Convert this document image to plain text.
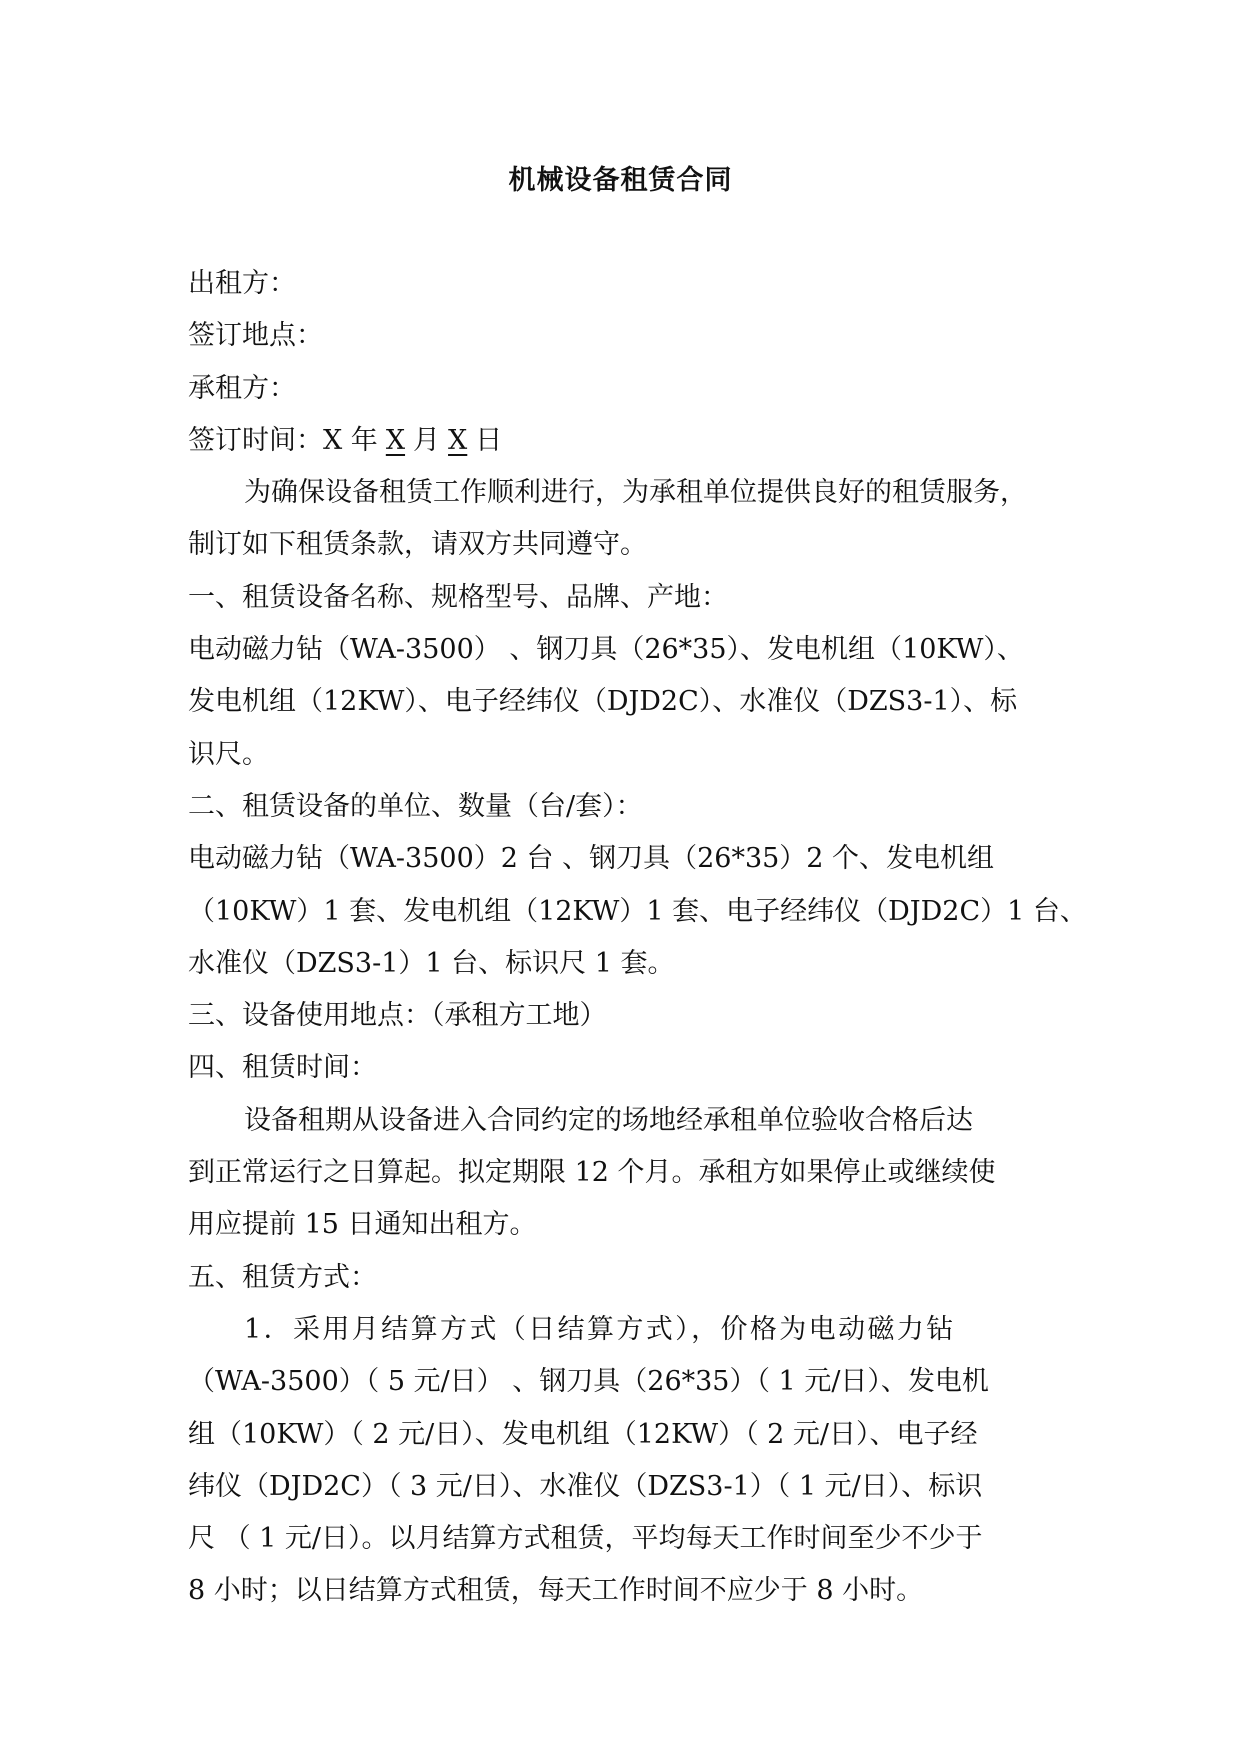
机械设备租赁合同
出租方：
签订地点：
承租方：
签订时间：X 年 X 月 X 日
为确保设备租赁工作顺利进行，为承租单位提供良好的租赁服务，
制订如下租赁条款，请双方共同遵守。
一、租赁设备名称、规格型号、品牌、产地：
电动磁力钻（WA-3500） 、钢刀具（26*35）、发电机组（10KW）、
发电机组（12KW）、电子经纬仪（DJD2C）、水准仪（DZS3-1）、标
识尺。
二、租赁设备的单位、数量（台/套）：
电动磁力钻（WA-3500）2 台 、钢刀具（26*35）2 个、发电机组
（10KW）1 套、发电机组（12KW）1 套、电子经纬仪（DJD2C）1 台、
水准仪（DZS3-1）1 台、标识尺 1 套。
三、设备使用地点：（承租方工地）
四、租赁时间：
设备租期从设备进入合同约定的场地经承租单位验收合格后达
到正常运行之日算起。拟定期限 12 个月。承租方如果停止或继续使
用应提前 15 日通知出租方。
五、租赁方式：
1．采用月结算方式（日结算方式），价格为电动磁力钻
（WA-3500）（ 5 元/日） 、钢刀具（26*35）（ 1 元/日）、发电机
组（10KW）（ 2 元/日）、发电机组（12KW）（ 2 元/日）、电子经
纬仪（DJD2C）（ 3 元/日）、水准仪（DZS3-1）（ 1 元/日）、标识
尺 （ 1 元/日）。以月结算方式租赁，平均每天工作时间至少不少于
8 小时；以日结算方式租赁，每天工作时间不应少于 8 小时。
